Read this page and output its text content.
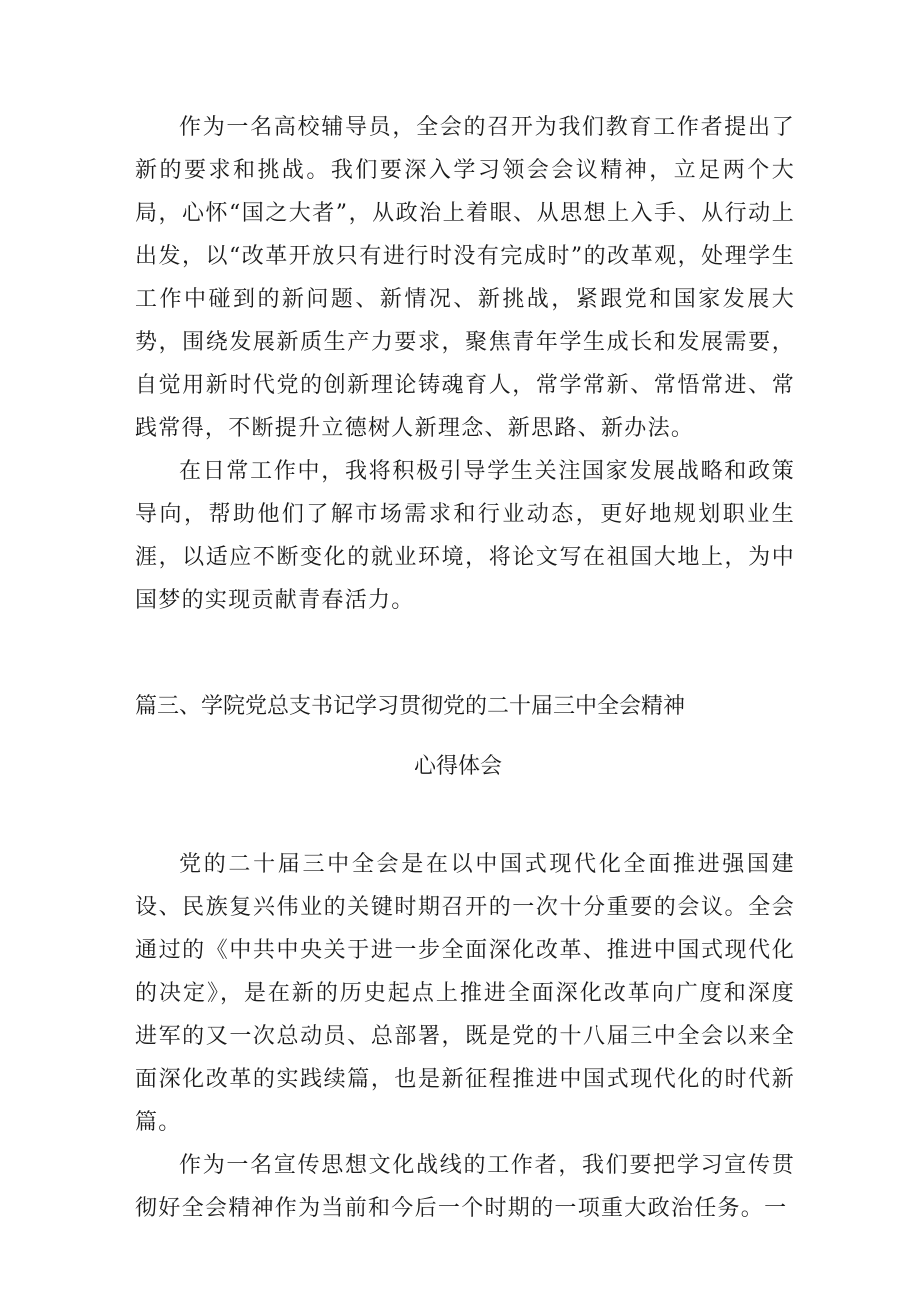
作为一名高校辅导员，全会的召开为我们教育工作者提出了新的要求和挑战。我们要深入学习领会会议精神，立足两个大局，心怀“国之大者”，从政治上着眼、从思想上入手、从行动上出发，以“改革开放只有进行时没有完成时”的改革观，处理学生工作中碰到的新问题、新情况、新挑战，紧跟党和国家发展大势，围绕发展新质生产力要求，聚焦青年学生成长和发展需要，自觉用新时代党的创新理论铸魂育人，常学常新、常悟常进、常践常得，不断提升立德树人新理念、新思路、新办法。

在日常工作中，我将积极引导学生关注国家发展战略和政策导向，帮助他们了解市场需求和行业动态，更好地规划职业生涯，以适应不断变化的就业环境，将论文写在祖国大地上，为中国梦的实现贡献青春活力。

篇三、学院党总支书记学习贯彻党的二十届三中全会精神
心得体会

党的二十届三中全会是在以中国式现代化全面推进强国建设、民族复兴伟业的关键时期召开的一次十分重要的会议。全会通过的《中共中央关于进一步全面深化改革、推进中国式现代化的决定》，是在新的历史起点上推进全面深化改革向广度和深度进军的又一次总动员、总部署，既是党的十八届三中全会以来全面深化改革的实践续篇，也是新征程推进中国式现代化的时代新篇。

作为一名宣传思想文化战线的工作者，我们要把学习宣传贯彻好全会精神作为当前和今后一个时期的一项重大政治任务。一
